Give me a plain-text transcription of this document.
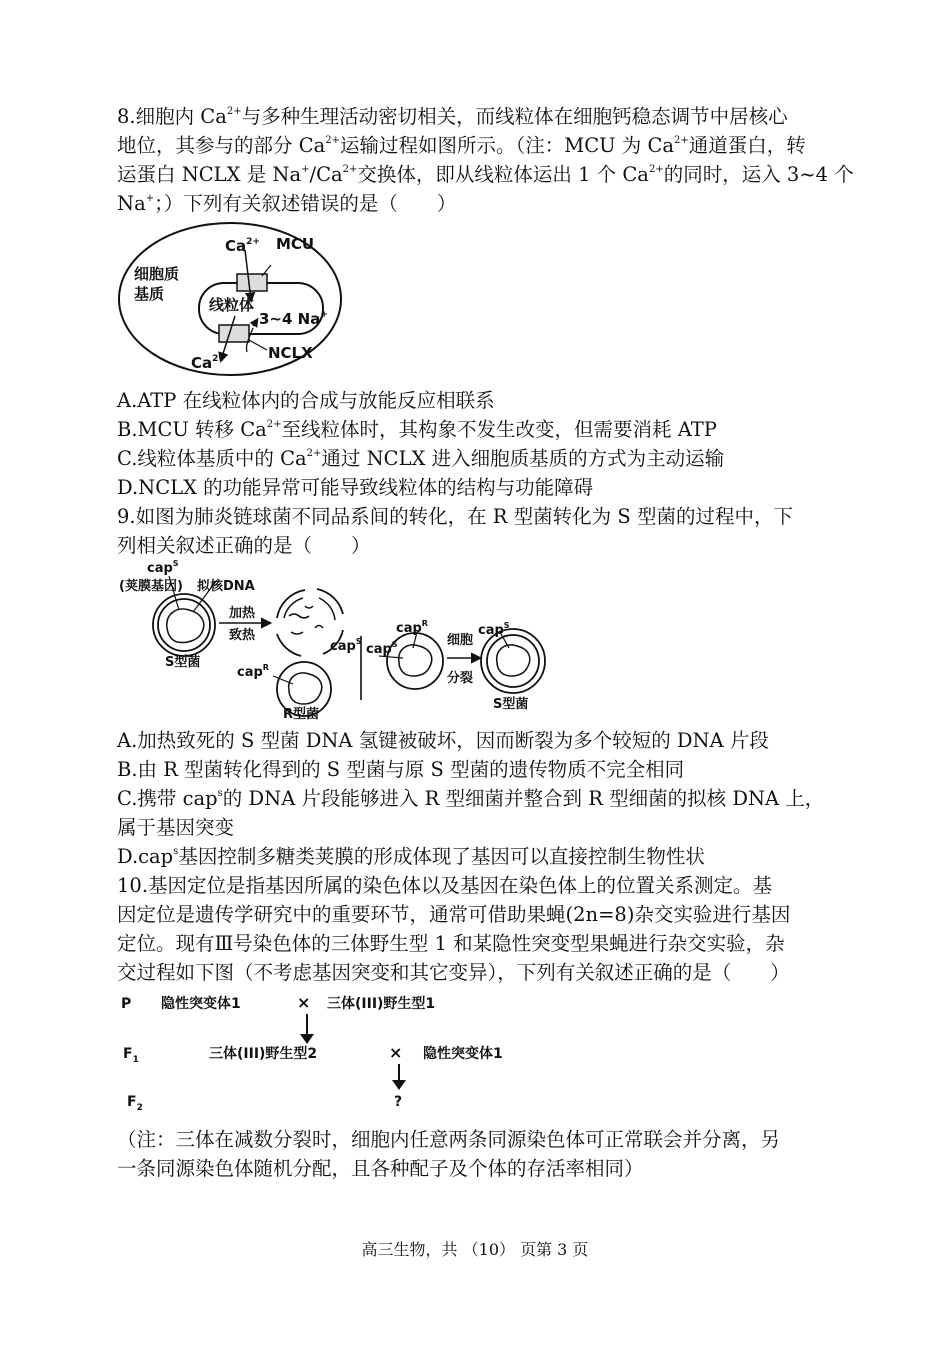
8.细胞内 $Ca^{2+}$与多种生理活动密切相关，而线粒体在细胞钙稳态调节中居核心
地位，其参与的部分 $Ca^{2+}$运输过程如图所示。（注：MCU 为 $Ca^{2+}$通道蛋白，转
运蛋白 NCLX 是 $Na^+/Ca^{2+}$交换体，即从线粒体运出 1 个 $Ca^{2+}$的同时，运入 3~4 个
Na+；）下列有关叙述错误的是（　　）
细胞质
基质
线粒体
$Ca^{2+}$ MCU
3~4 Na+
$Ca^{2+}$	NCLX
A.ATP 在线粒体内的合成与放能反应相联系
B.MCU 转移 $Ca^{2+}$至线粒体时，其构象不发生改变，但需要消耗 ATP
C.线粒体基质中的 $Ca^{2+}$通过 NCLX 进入细胞质基质的方式为主动运输
D.NCLX 的功能异常可能导致线粒体的结构与功能障碍
9.如图为肺炎链球菌不同品系间的转化，在 R 型菌转化为 S 型菌的过程中，下
列相关叙述正确的是（　　）
cap$^S$
(荚膜基因) 拟核DNA
S型菌
加热
致热
cap$^S$
cap$^R$
R型菌
cap$^S$
cap$^R$
细胞
分裂
cap$^S$
S型菌
A.加热致死的 S 型菌 DNA 氢键被破坏，因而断裂为多个较短的 DNA 片段
B.由 R 型菌转化得到的 S 型菌与原 S 型菌的遗传物质不完全相同
C.携带 cap$^s$的 DNA 片段能够进入 R 型细菌并整合到 R 型细菌的拟核 DNA 上，
属于基因突变
D.cap$^s$基因控制多糖类荚膜的形成体现了基因可以直接控制生物性状
10.基因定位是指基因所属的染色体以及基因在染色体上的位置关系测定。基
因定位是遗传学研究中的重要环节，通常可借助果蝇(2n=8)杂交实验进行基因
定位。现有Ⅲ号染色体的三体野生型 1 和某隐性突变型果蝇进行杂交实验，杂
交过程如下图（不考虑基因突变和其它变异），下列有关叙述正确的是（　　）
P 隐性突变体1	× 三体(III)野生型1
$F_1$	三体(III)野生型2	× 隐性突变体1
$F_2$	?
（注：三体在减数分裂时，细胞内任意两条同源染色体可正常联会并分离，另
一条同源染色体随机分配，且各种配子及个体的存活率相同）
高三生物，共 （10） 页第 3 页
